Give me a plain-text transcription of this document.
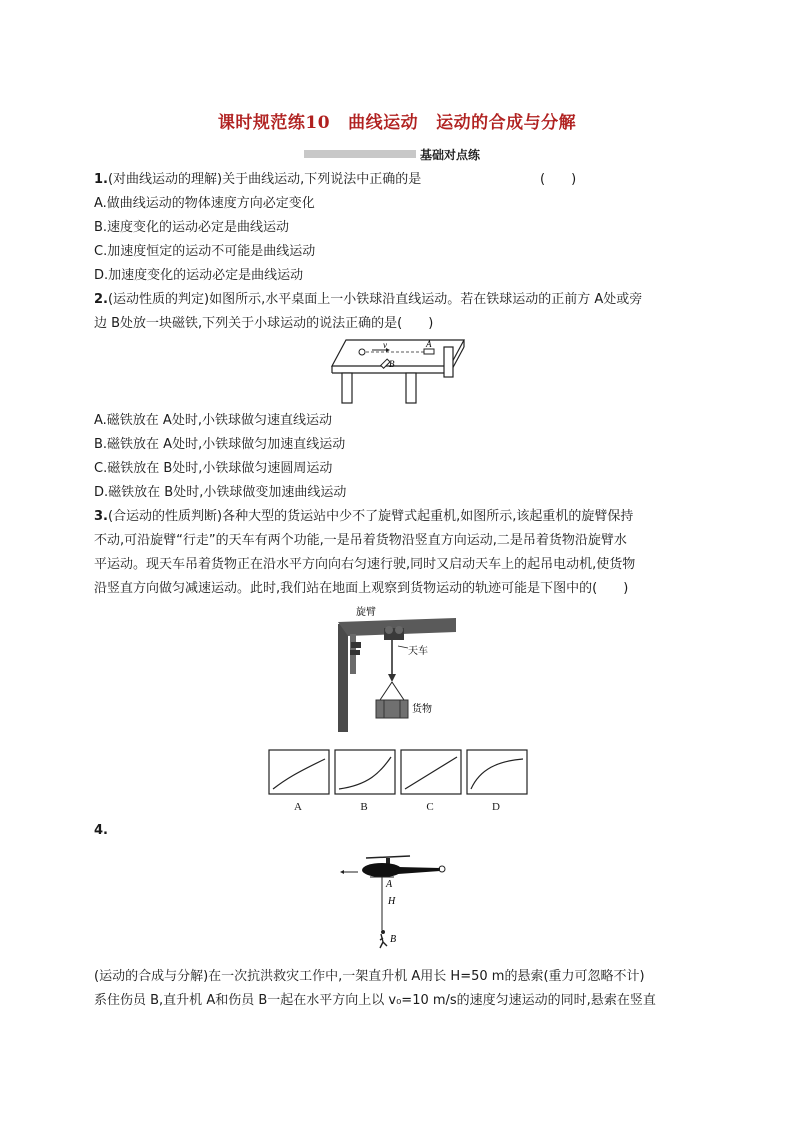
课时规范练10 曲线运动 运动的合成与分解
基础对点练
1.(对曲线运动的理解)关于曲线运动,下列说法中正确的是	(　　)
A.做曲线运动的物体速度方向必定变化
B.速度变化的运动必定是曲线运动
C.加速度恒定的运动不可能是曲线运动
D.加速度变化的运动必定是曲线运动
2.(运动性质的判定)如图所示,水平桌面上一小铁球沿直线运动。若在铁球运动的正前方 A处或旁
边 B处放一块磁铁,下列关于小球运动的说法正确的是(　　)
v	A
B
A.磁铁放在 A处时,小铁球做匀速直线运动
B.磁铁放在 A处时,小铁球做匀加速直线运动
C.磁铁放在 B处时,小铁球做匀速圆周运动
D.磁铁放在 B处时,小铁球做变加速曲线运动
3.(合运动的性质判断)各种大型的货运站中少不了旋臂式起重机,如图所示,该起重机的旋臂保持
不动,可沿旋臂“行走”的天车有两个功能,一是吊着货物沿竖直方向运动,二是吊着货物沿旋臂水
平运动。现天车吊着货物正在沿水平方向向右匀速行驶,同时又启动天车上的起吊电动机,使货物
沿竖直方向做匀减速运动。此时,我们站在地面上观察到货物运动的轨迹可能是下图中的(　　)
旋臂
天车
货物
A	B	C	D
4.
A
H
B
(运动的合成与分解)在一次抗洪救灾工作中,一架直升机 A用长 H=50 m的悬索(重力可忽略不计)
系住伤员 B,直升机 A和伤员 B一起在水平方向上以 v₀=10 m/s的速度匀速运动的同时,悬索在竖直
